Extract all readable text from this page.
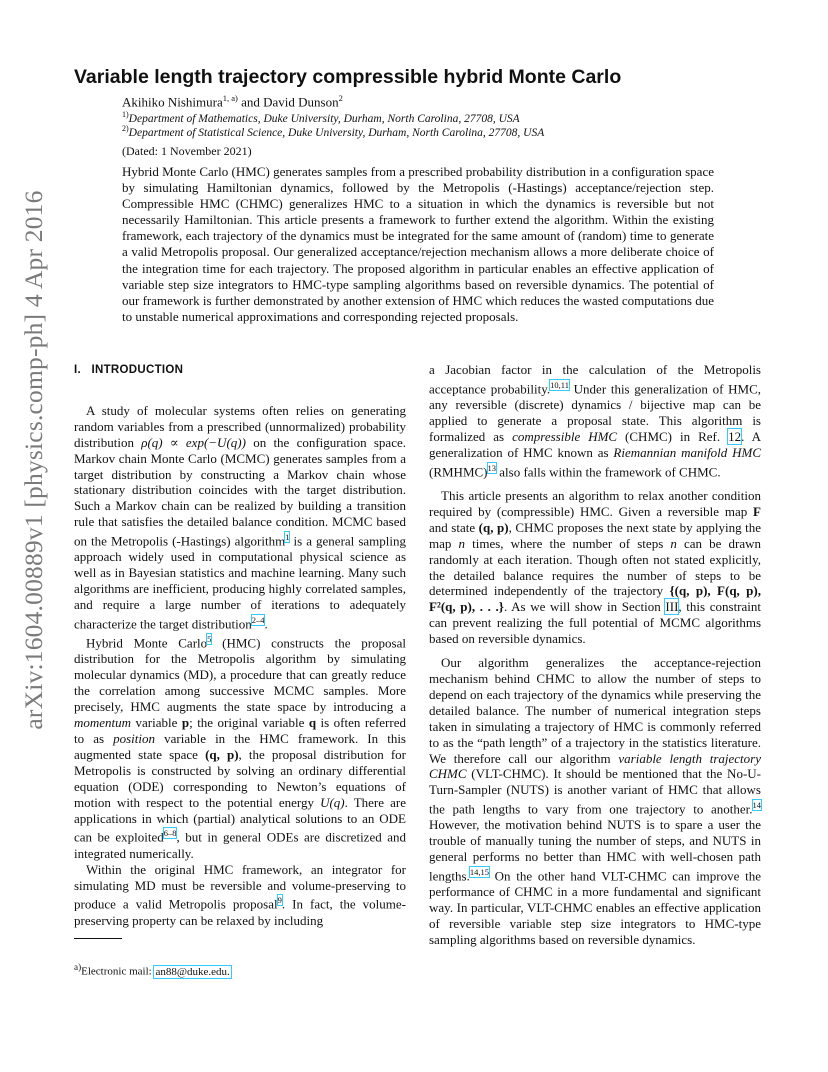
arXiv:1604.00889v1 [physics.comp-ph] 4 Apr 2016
Variable length trajectory compressible hybrid Monte Carlo
Akihiko Nishimura$^{1, a)}$ and David Dunson$^2$
$^{1)}$Department of Mathematics, Duke University, Durham, North Carolina, 27708, USA
$^{2)}$Department of Statistical Science, Duke University, Durham, North Carolina, 27708, USA
(Dated: 1 November 2021)
Hybrid Monte Carlo (HMC) generates samples from a prescribed probability distribution in a configuration space by simulating Hamiltonian dynamics, followed by the Metropolis (-Hastings) acceptance/rejection step. Compressible HMC (CHMC) generalizes HMC to a situation in which the dynamics is reversible but not necessarily Hamiltonian. This article presents a framework to further extend the algorithm. Within the existing framework, each trajectory of the dynamics must be integrated for the same amount of (random) time to generate a valid Metropolis proposal. Our generalized acceptance/rejection mechanism allows a more deliberate choice of the integration time for each trajectory. The proposed algorithm in particular enables an effective application of variable step size integrators to HMC-type sampling algorithms based on reversible dynamics. The potential of our framework is further demonstrated by another extension of HMC which reduces the wasted computations due to unstable numerical approximations and corresponding rejected proposals.
I. INTRODUCTION

A study of molecular systems often relies on generating random variables from a prescribed (unnormalized) probability distribution ρ(q) ∝ exp(−U(q)) on the configuration space. Markov chain Monte Carlo (MCMC) generates samples from a target distribution by constructing a Markov chain whose stationary distribution coincides with the target distribution. Such a Markov chain can be realized by building a transition rule that satisfies the detailed balance condition. MCMC based on the Metropolis (-Hastings) algorithm$^1$ is a general sampling approach widely used in computational physical science as well as in Bayesian statistics and machine learning. Many such algorithms are inefficient, producing highly correlated samples, and require a large number of iterations to adequately characterize the target distribution$^{2-4}$.

Hybrid Monte Carlo$^5$ (HMC) constructs the proposal distribution for the Metropolis algorithm by simulating molecular dynamics (MD), a procedure that can greatly reduce the correlation among successive MCMC samples. More precisely, HMC augments the state space by introducing a momentum variable p; the original variable q is often referred to as position variable in the HMC framework. In this augmented state space (q, p), the proposal distribution for Metropolis is constructed by solving an ordinary differential equation (ODE) corresponding to Newton’s equations of motion with respect to the potential energy U(q). There are applications in which (partial) analytical solutions to an ODE can be exploited$^{6-8}$, but in general ODEs are discretized and integrated numerically.

Within the original HMC framework, an integrator for simulating MD must be reversible and volume-preserving to produce a valid Metropolis proposal$^9$. In fact, the volume-preserving property can be relaxed by including

a Jacobian factor in the calculation of the Metropolis acceptance probability.$^{10,11}$ Under this generalization of HMC, any reversible (discrete) dynamics / bijective map can be applied to generate a proposal state. This algorithm is formalized as compressible HMC (CHMC) in Ref. 12. A generalization of HMC known as Riemannian manifold HMC (RMHMC)$^{13}$ also falls within the framework of CHMC.

This article presents an algorithm to relax another condition required by (compressible) HMC. Given a reversible map F and state (q, p), CHMC proposes the next state by applying the map n times, where the number of steps n can be drawn randomly at each iteration. Though often not stated explicitly, the detailed balance requires the number of steps to be determined independently of the trajectory {(q, p), F(q, p), F²(q, p), . . .}. As we will show in Section III, this constraint can prevent realizing the full potential of MCMC algorithms based on reversible dynamics.

Our algorithm generalizes the acceptance-rejection mechanism behind CHMC to allow the number of steps to depend on each trajectory of the dynamics while preserving the detailed balance. The number of numerical integration steps taken in simulating a trajectory of HMC is commonly referred to as the “path length” of a trajectory in the statistics literature. We therefore call our algorithm variable length trajectory CHMC (VLT-CHMC). It should be mentioned that the No-U-Turn-Sampler (NUTS) is another variant of HMC that allows the path lengths to vary from one trajectory to another.$^{14}$ However, the motivation behind NUTS is to spare a user the trouble of manually tuning the number of steps, and NUTS in general performs no better than HMC with well-chosen path lengths.$^{14,15}$ On the other hand VLT-CHMC can improve the performance of CHMC in a more fundamental and significant way. In particular, VLT-CHMC enables an effective application of reversible variable step size integrators to HMC-type sampling algorithms based on reversible dynamics.

$^{a)}$Electronic mail: an88@duke.edu.
